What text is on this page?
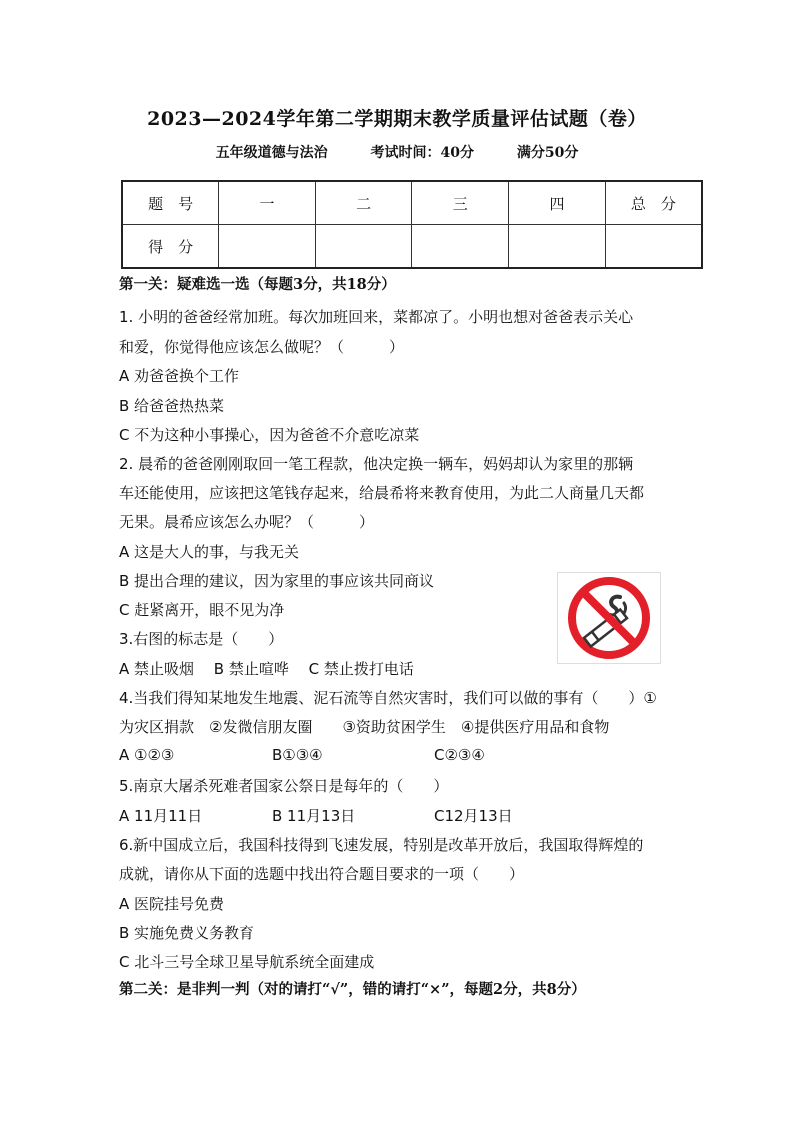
2023—2024学年第二学期期末教学质量评估试题（卷）
五年级道德与法治	考试时间：40分	满分50分
题　号	一	二	三	四	总　分
得　分					
第一关：疑难选一选（每题3分，共18分）
1. 小明的爸爸经常加班。每次加班回来，菜都凉了。小明也想对爸爸表示关心
和爱，你觉得他应该怎么做呢？（　　　）
A 劝爸爸换个工作
B 给爸爸热热菜
C 不为这种小事操心，因为爸爸不介意吃凉菜
2. 晨希的爸爸刚刚取回一笔工程款，他决定换一辆车，妈妈却认为家里的那辆
车还能使用，应该把这笔钱存起来，给晨希将来教育使用，为此二人商量几天都
无果。晨希应该怎么办呢？（　　　）
A 这是大人的事，与我无关
B 提出合理的建议，因为家里的事应该共同商议
C 赶紧离开，眼不见为净
3.右图的标志是（　　）
A 禁止吸烟　 B 禁止喧哗　 C 禁止拨打电话
4.当我们得知某地发生地震、泥石流等自然灾害时，我们可以做的事有（　　）①
为灾区捐款　②发微信朋友圈　　③资助贫困学生　④提供医疗用品和食物
A ①②③	B①③④	C②③④
5.南京大屠杀死难者国家公祭日是每年的（　　）
A 11月11日	B 11月13日	C12月13日
6.新中国成立后，我国科技得到飞速发展，特别是改革开放后，我国取得辉煌的
成就，请你从下面的选题中找出符合题目要求的一项（　　）
A 医院挂号免费
B 实施免费义务教育
C 北斗三号全球卫星导航系统全面建成
第二关：是非判一判（对的请打“√”，错的请打“×”，每题2分，共8分）
